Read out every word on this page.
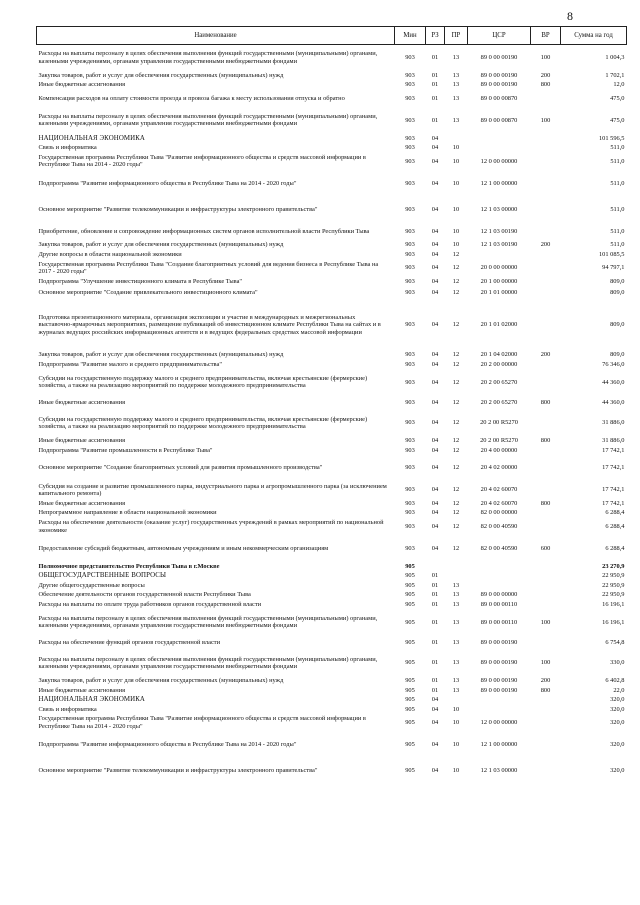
8
Наименование	Мин	РЗ	ПР	ЦСР	ВР	Сумма на год
Расходы на выплаты персоналу в целях обеспечения выполнения функций государственными (муниципальными) органами, казенными учреждениями, органами управления государственными внебюджетными фондами	903	01	13	89 0 00 00190	100	1 004,3
Закупка товаров, работ и услуг для обеспечения государственных (муниципальных) нужд	903	01	13	89 0 00 00190	200	1 702,1
Иные бюджетные ассигнования	903	01	13	89 0 00 00190	800	12,0
Компенсация расходов на оплату стоимости проезда и провоза багажа к месту использования отпуска и обратно	903	01	13	89 0 00 00870		475,0
Расходы на выплаты персоналу в целях обеспечения выполнения функций государственными (муниципальными) органами, казенными учреждениями, органами управления государственными внебюджетными фондами	903	01	13	89 0 00 00870	100	475,0
НАЦИОНАЛЬНАЯ ЭКОНОМИКА	903	04				101 596,5
Связь и информатика	903	04	10			511,0
Государственная программа Республики Тыва "Развитие информационного общества и средств массовой информации в Республике Тыва на 2014 - 2020 годы"	903	04	10	12 0 00 00000		511,0
Подпрограмма "Развитие информационного общества в Республике Тыва на 2014 - 2020 годы"	903	04	10	12 1 00 00000		511,0
Основное мероприятие "Развитие телекоммуникации и инфраструктуры электронного правительства"	903	04	10	12 1 03 00000		511,0
Приобретение, обновление и сопровождение информационных систем органов исполнительной власти Республики Тыва	903	04	10	12 1 03 00190		511,0
Закупка товаров, работ и услуг для обеспечения государственных (муниципальных) нужд	903	04	10	12 1 03 00190	200	511,0
Другие вопросы в области национальной экономики	903	04	12			101 085,5
Государственная программа Республики Тыва "Создание благоприятных условий для ведения бизнеса в Республике Тыва на 2017 - 2020 годы"	903	04	12	20 0 00 00000		94 797,1
Подпрограмма "Улучшение инвестиционного климата в Республике Тыва"	903	04	12	20 1 00 00000		809,0
Основное мероприятие "Создание привлекательного инвестиционного климата"	903	04	12	20 1 01 00000		809,0
Подготовка презентационного материала, организация экспозиции и участие в международных и межрегиональных выставочно-ярмарочных мероприятиях, размещение публикаций об инвестиционном климате Республики Тыва на сайтах и в журналах ведущих российских информационных агентств и в ведущих федеральных средствах массовой информации	903	04	12	20 1 01 02000		809,0
Закупка товаров, работ и услуг для обеспечения государственных (муниципальных) нужд	903	04	12	20 1 04 02000	200	809,0
Подпрограмма "Развитие малого и среднего предпринимательства"	903	04	12	20 2 00 00000		76 346,0
Субсидии на государственную поддержку малого и среднего предпринимательства, включая крестьянские (фермерские) хозяйства, а также на реализацию мероприятий по поддержке молодежного предпринимательства	903	04	12	20 2 00 65270		44 360,0
Иные бюджетные ассигнования	903	04	12	20 2 00 65270	800	44 360,0
Субсидии на государственную поддержку малого и среднего предпринимательства, включая крестьянские (фермерские) хозяйства, а также на реализацию мероприятий по поддержке молодежного предпринимательства	903	04	12	20 2 00 R5270		31 886,0
Иные бюджетные ассигнования	903	04	12	20 2 00 R5270	800	31 886,0
Подпрограмма "Развитие промышленности в Республике Тыва"	903	04	12	20 4 00 00000		17 742,1
Основное мероприятие "Создание благоприятных условий для развития промышленного производства"	903	04	12	20 4 02 00000		17 742,1
Субсидия на создание и развитие промышленного парка, индустриального парка и агропромышленного парка (за исключением капитального ремонта)	903	04	12	20 4 02 60070		17 742,1
Иные бюджетные ассигнования	903	04	12	20 4 02 60070	800	17 742,1
Непрограммное направление в области национальной экономики	903	04	12	82 0 00 00000		6 288,4
Расходы на обеспечение деятельности (оказание услуг) государственных учреждений в рамках мероприятий по национальной экономике	903	04	12	82 0 00 40590		6 288,4
Предоставление субсидий бюджетным, автономным учреждениям и иным некоммерческим организациям	903	04	12	82 0 00 40590	600	6 288,4
Полномочное представительство Республики Тыва в г.Москве	905					23 270,9
ОБЩЕГОСУДАРСТВЕННЫЕ ВОПРОСЫ	905	01				22 950,9
Другие общегосударственные вопросы	905	01	13			22 950,9
Обеспечение деятельности органов государственной власти Республики Тыва	905	01	13	89 0 00 00000		22 950,9
Расходы на выплаты по оплате труда работников органов государственной власти	905	01	13	89 0 00 00110		16 196,1
Расходы на выплаты персоналу в целях обеспечения выполнения функций государственными (муниципальными) органами, казенными учреждениями, органами управления государственными внебюджетными фондами	905	01	13	89 0 00 00110	100	16 196,1
Расходы на обеспечение функций органов государственной власти	905	01	13	89 0 00 00190		6 754,8
Расходы на выплаты персоналу в целях обеспечения выполнения функций государственными (муниципальными) органами, казенными учреждениями, органами управления государственными внебюджетными фондами	905	01	13	89 0 00 00190	100	330,0
Закупка товаров, работ и услуг для обеспечения государственных (муниципальных) нужд	905	01	13	89 0 00 00190	200	6 402,8
Иные бюджетные ассигнования	905	01	13	89 0 00 00190	800	22,0
НАЦИОНАЛЬНАЯ ЭКОНОМИКА	905	04				320,0
Связь и информатика	905	04	10			320,0
Государственная программа Республики Тыва "Развитие информационного общества и средств массовой информации в Республике Тыва на 2014 - 2020 годы"	905	04	10	12 0 00 00000		320,0
Подпрограмма "Развитие информационного общества в Республике Тыва на 2014 - 2020 годы"	905	04	10	12 1 00 00000		320,0
Основное мероприятие "Развитие телекоммуникации и инфраструктуры электронного правительства"	905	04	10	12 1 03 00000		320,0
